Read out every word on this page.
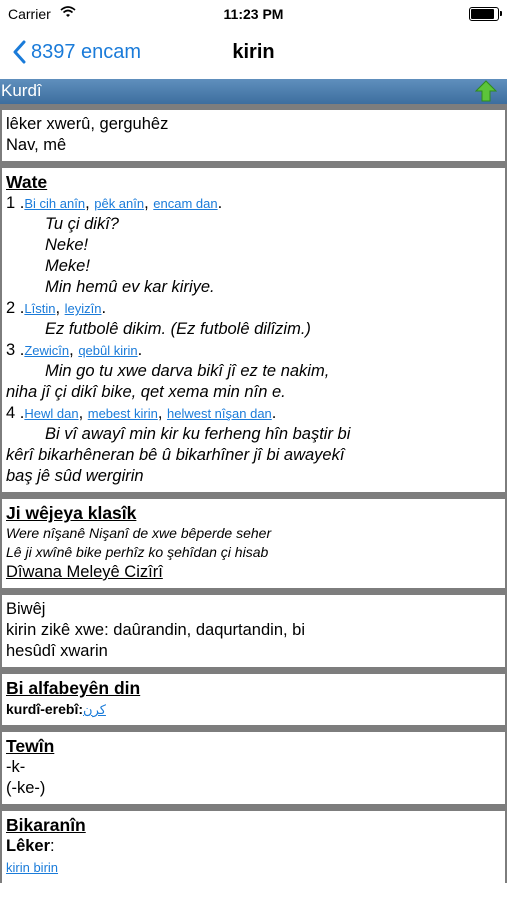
Carrier	11:23 PM
8397 encam	kirin
Kurdî
lêker xwerû, gerguhêz
Nav, mê
Wate
1 .Bi cih anîn, pêk anîn, encam dan.
Tu çi dikî?
Neke!
Meke!
Min hemû ev kar kiriye.
2 .Lîstin, leyizîn.
Ez futbolê dikim. (Ez futbolê dilîzim.)
3 .Zewicîn, qebûl kirin.
Min go tu xwe darva bikî jî ez te nakim,
niha jî çi dikî bike, qet xema min nîn e.
4 .Hewl dan, mebest kirin, helwest nîşan dan.
Bi vî awayî min kir ku ferheng hîn baştir bi
kêrî bikarhêneran bê û bikarhîner jî bi awayekî
baş jê sûd wergirin
Ji wêjeya klasîk
Were nîşanê Nişanî de xwe bêperde seher
Lê ji xwînê bike perhîz ko şehîdan çi hisab
Dîwana Meleyê Cizîrî
Biwêj
kirin zikê xwe: daûrandin, daqurtandin, bi
hesûdî xwarin
Bi alfabeyên din
kurdî-erebî:کرن
Tewîn
-k-
(-ke-)
Bikaranîn
Lêker:
kirin birin
